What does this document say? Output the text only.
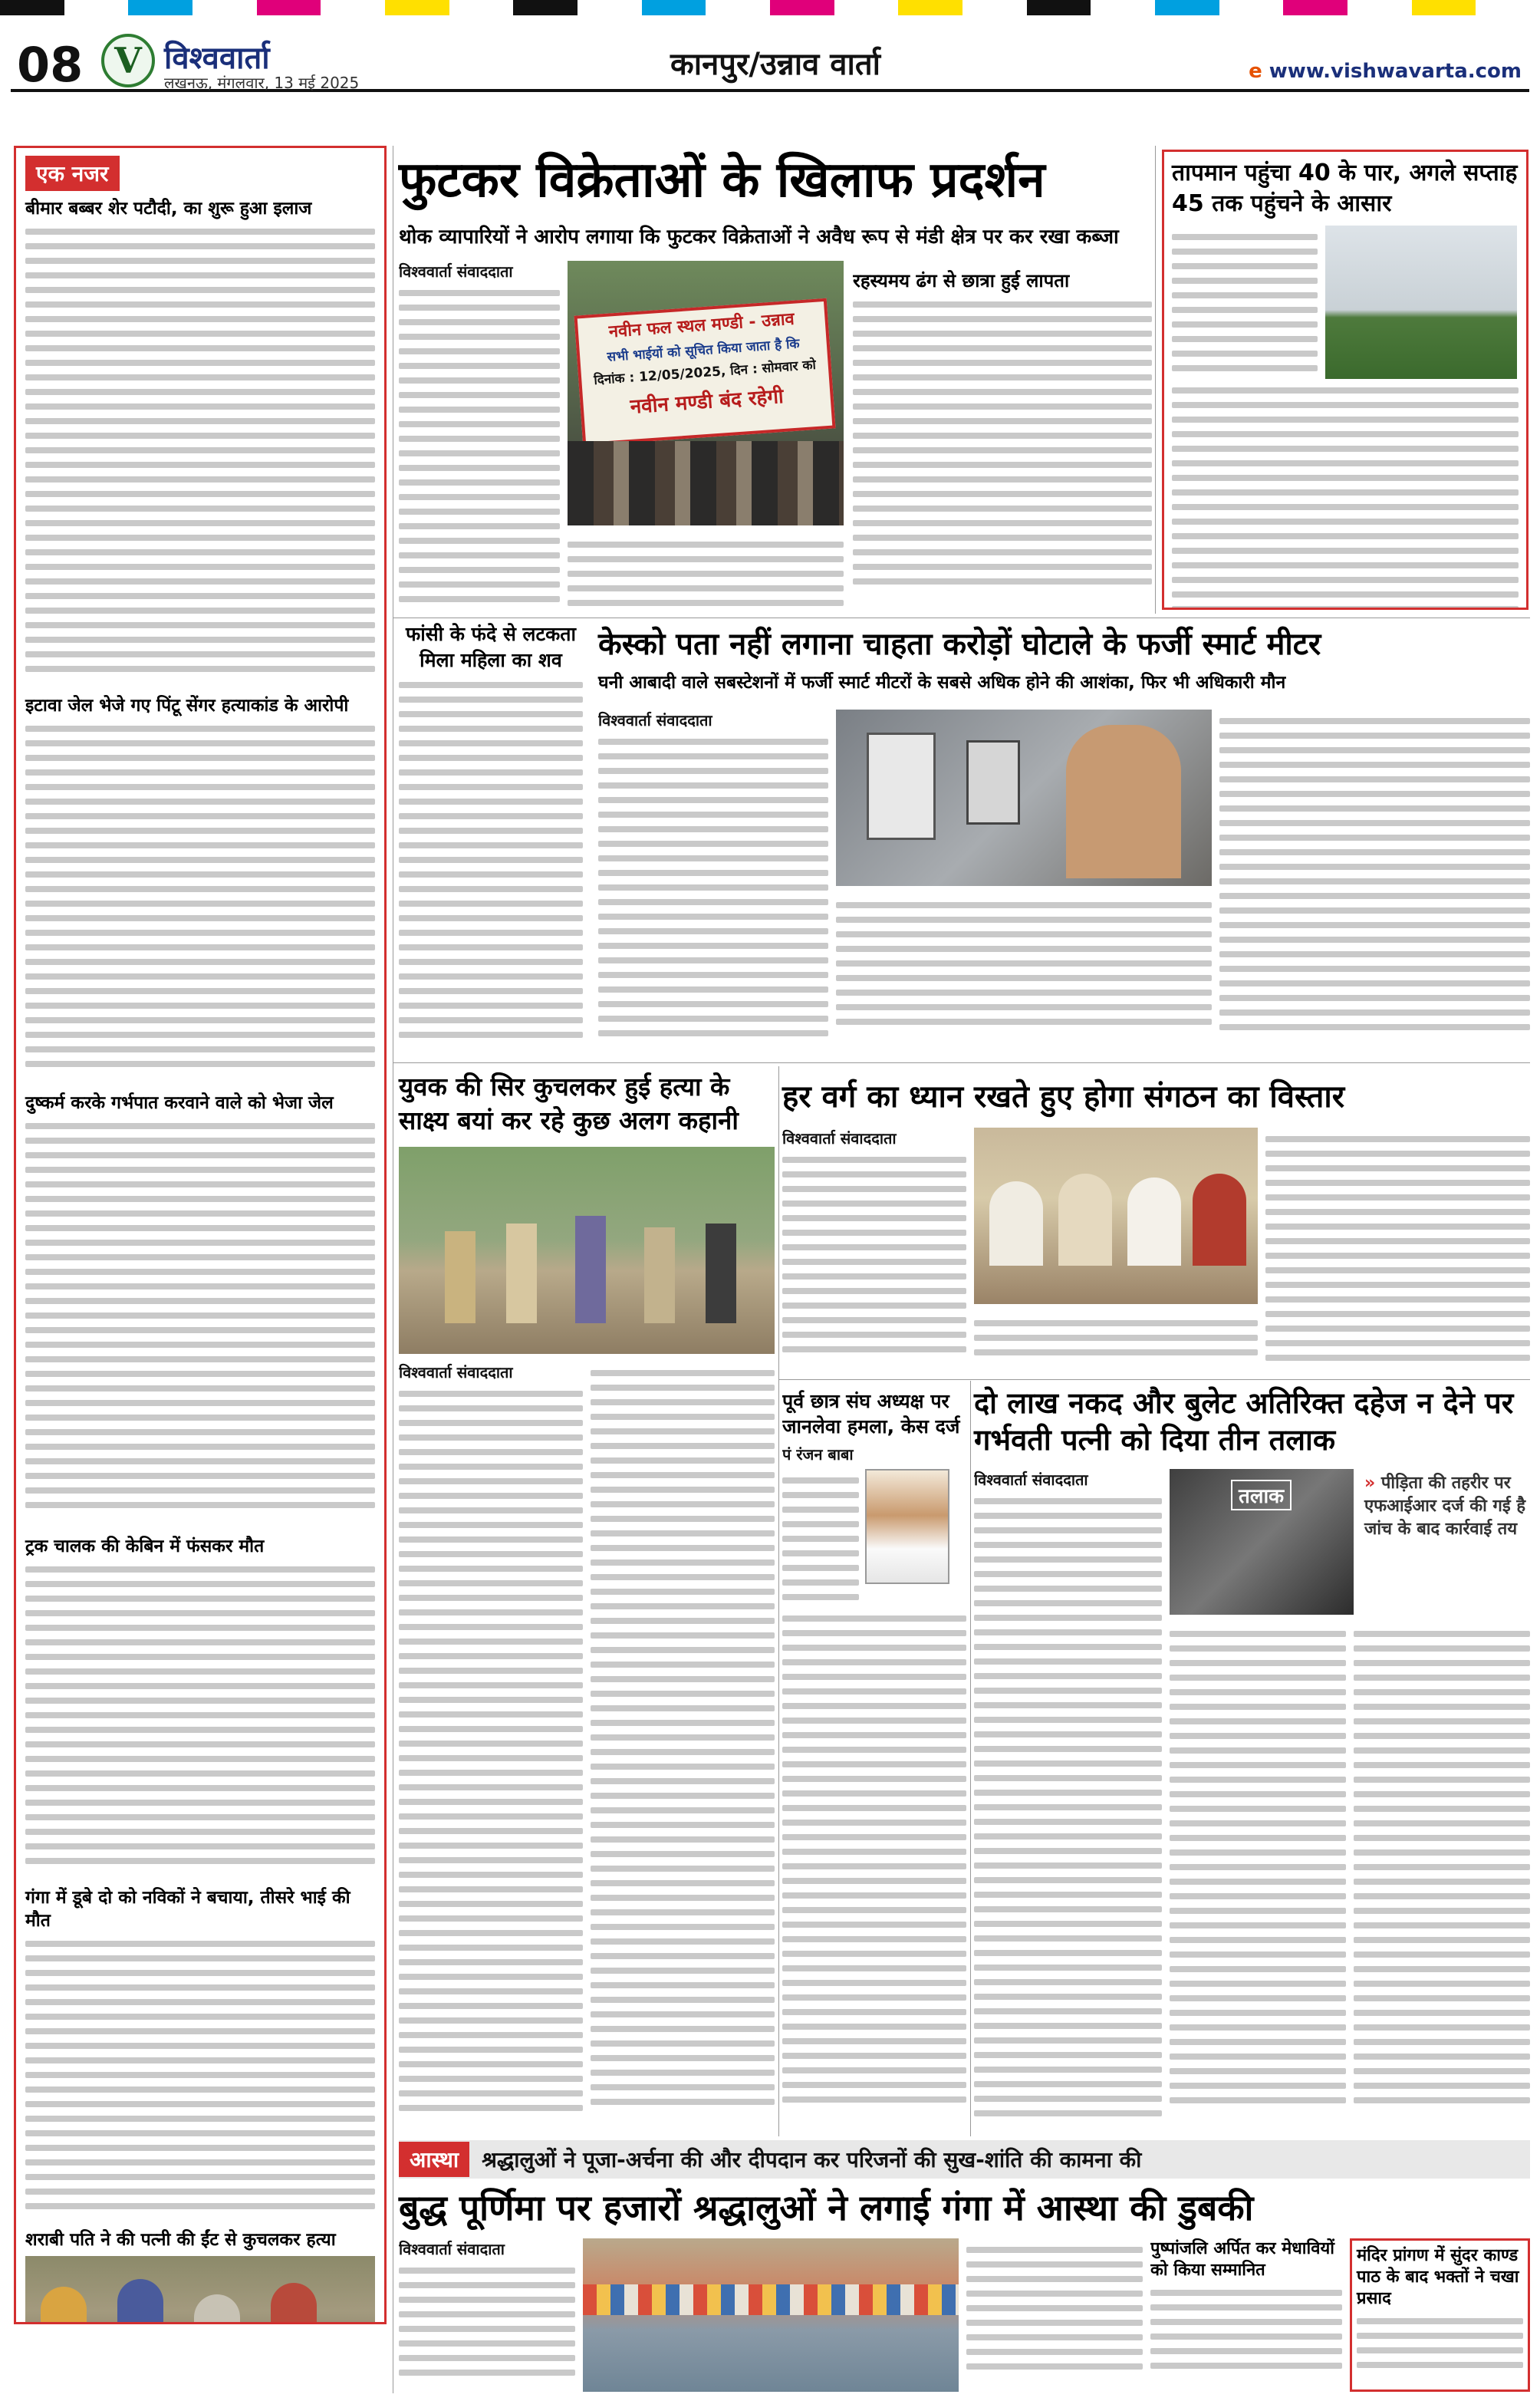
08 V विश्ववार्ता
लखनऊ, मंगलवार, 13 मई 2025
कानपुर/उन्नाव वार्ता	e www.vishwavarta.com
एक नजर
बीमार बब्बर शेर पटौदी, का शुरू हुआ इलाज
इटावा जेल भेजे गए पिंटू सेंगर हत्याकांड के आरोपी
दुष्कर्म करके गर्भपात करवाने वाले को भेजा जेल
ट्रक चालक की केबिन में फंसकर मौत
गंगा में डूबे दो को नविकों ने बचाया, तीसरे भाई की मौत
शराबी पति ने की पत्नी की ईंट से कुचलकर हत्या
फुटकर विक्रेताओं के खिलाफ प्रदर्शन
थोक व्यापारियों ने आरोप लगाया कि फुटकर विक्रेताओं ने अवैध रूप से मंडी क्षेत्र पर कर रखा कब्जा
विश्ववार्ता संवाददाता
नवीन फल स्थल मण्डी - उन्नाव
सभी भाईयों को सूचित किया जाता है कि
दिनांक : 12/05/2025, दिन : सोमवार को
नवीन मण्डी बंद रहेगी
रहस्यमय ढंग से छात्रा हुई लापता
तापमान पहुंचा 40 के पार, अगले सप्ताह 45 तक पहुंचने के आसार
फांसी के फंदे से लटकता मिला महिला का शव	केस्को पता नहीं लगाना चाहता करोड़ों घोटाले के फर्जी स्मार्ट मीटर
घनी आबादी वाले सबस्टेशनों में फर्जी स्मार्ट मीटरों के सबसे अधिक होने की आशंका, फिर भी अधिकारी मौन
विश्ववार्ता संवाददाता
युवक की सिर कुचलकर हुई हत्या के साक्ष्य बयां कर रहे कुछ अलग कहानी
विश्ववार्ता संवाददाता
हर वर्ग का ध्यान रखते हुए होगा संगठन का विस्तार
विश्ववार्ता संवाददाता
पूर्व छात्र संघ अध्यक्ष पर जानलेवा हमला, केस दर्ज
पं रंजन बाबा
दो लाख नकद और बुलेट अतिरिक्त दहेज न देने पर गर्भवती पत्नी को दिया तीन तलाक
विश्ववार्ता संवाददाता
तलाक
» पीड़िता की तहरीर पर एफआईआर दर्ज की गई है जांच के बाद कार्रवाई तय
आस्था	श्रद्धालुओं ने पूजा-अर्चना की और दीपदान कर परिजनों की सुख-शांति की कामना की
बुद्ध पूर्णिमा पर हजारों श्रद्धालुओं ने लगाई गंगा में आस्था की डुबकी
विश्ववार्ता संवादाता	पुष्पांजलि अर्पित कर मेधावियों को किया सम्मानित
मंदिर प्रांगण में सुंदर काण्ड पाठ के बाद भक्तों ने चखा प्रसाद
